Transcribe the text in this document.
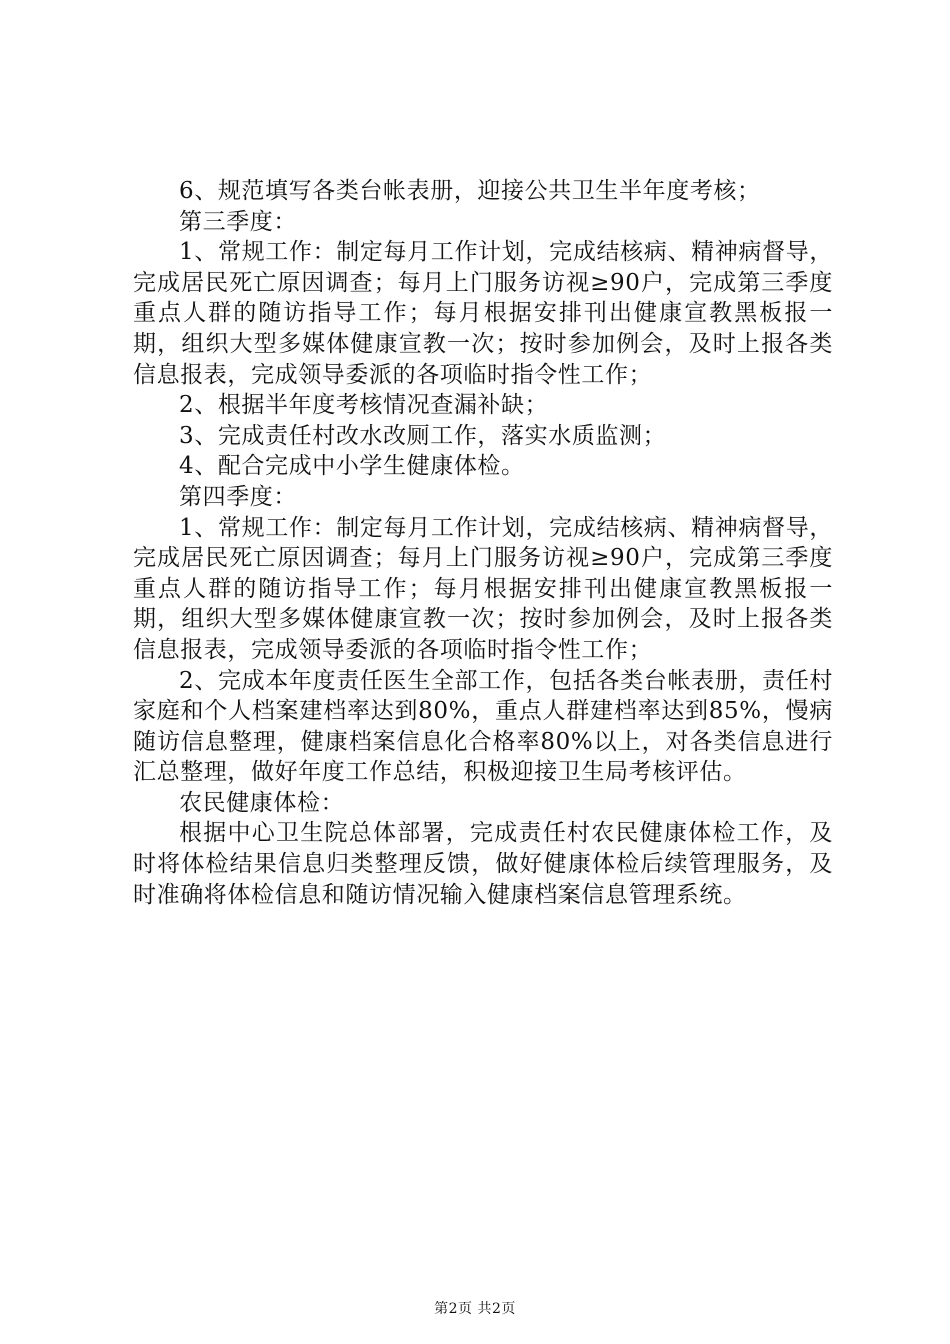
6、规范填写各类台帐表册，迎接公共卫生半年度考核；

第三季度：

1、常规工作：制定每月工作计划，完成结核病、精神病督导，完成居民死亡原因调查；每月上门服务访视≥90户，完成第三季度重点人群的随访指导工作；每月根据安排刊出健康宣教黑板报一期，组织大型多媒体健康宣教一次；按时参加例会，及时上报各类信息报表，完成领导委派的各项临时指令性工作；

2、根据半年度考核情况查漏补缺；

3、完成责任村改水改厕工作，落实水质监测；

4、配合完成中小学生健康体检。

第四季度：

1、常规工作：制定每月工作计划，完成结核病、精神病督导，完成居民死亡原因调查；每月上门服务访视≥90户，完成第三季度重点人群的随访指导工作；每月根据安排刊出健康宣教黑板报一期，组织大型多媒体健康宣教一次；按时参加例会，及时上报各类信息报表，完成领导委派的各项临时指令性工作；

2、完成本年度责任医生全部工作，包括各类台帐表册，责任村家庭和个人档案建档率达到80%，重点人群建档率达到85%，慢病随访信息整理，健康档案信息化合格率80%以上，对各类信息进行汇总整理，做好年度工作总结，积极迎接卫生局考核评估。

农民健康体检：

根据中心卫生院总体部署，完成责任村农民健康体检工作，及时将体检结果信息归类整理反馈，做好健康体检后续管理服务，及时准确将体检信息和随访情况输入健康档案信息管理系统。

第2页 共2页
